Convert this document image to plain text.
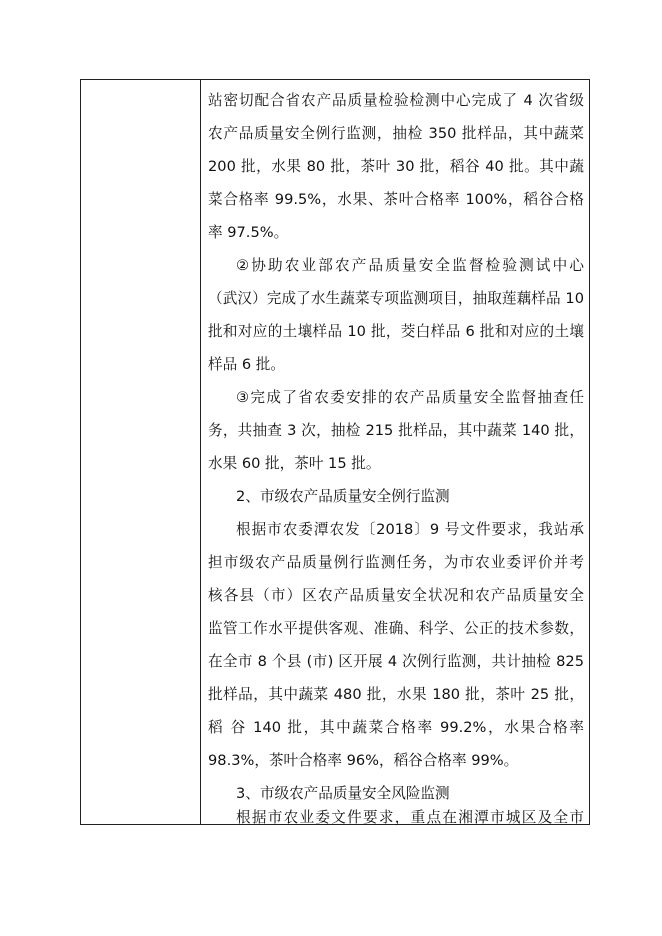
站密切配合省农产品质量检验检测中心完成了 4 次省级
农产品质量安全例行监测，抽检 350 批样品，其中蔬菜
200 批，水果 80 批，茶叶 30 批，稻谷 40 批。其中蔬
菜合格率 99.5%，水果、茶叶合格率 100%，稻谷合格
率 97.5%。
②协助农业部农产品质量安全监督检验测试中心
（武汉）完成了水生蔬菜专项监测项目，抽取莲藕样品 10
批和对应的土壤样品 10 批，茭白样品 6 批和对应的土壤
样品 6 批。
③完成了省农委安排的农产品质量安全监督抽查任
务，共抽查 3 次，抽检 215 批样品，其中蔬菜 140 批，
水果 60 批，茶叶 15 批。
2、市级农产品质量安全例行监测
根据市农委潭农发〔2018〕9 号文件要求，我站承
担市级农产品质量例行监测任务，为市农业委评价并考
核各县（市）区农产品质量安全状况和农产品质量安全
监管工作水平提供客观、准确、科学、公正的技术参数，
在全市 8 个县 (市) 区开展 4 次例行监测，共计抽检 825
批样品，其中蔬菜 480 批，水果 180 批，茶叶 25 批，
稻 谷 140 批，其中蔬菜合格率 99.2%，水果合格率
98.3%，茶叶合格率 96%，稻谷合格率 99%。
3、市级农产品质量安全风险监测
根据市农业委文件要求，重点在湘潭市城区及全市
